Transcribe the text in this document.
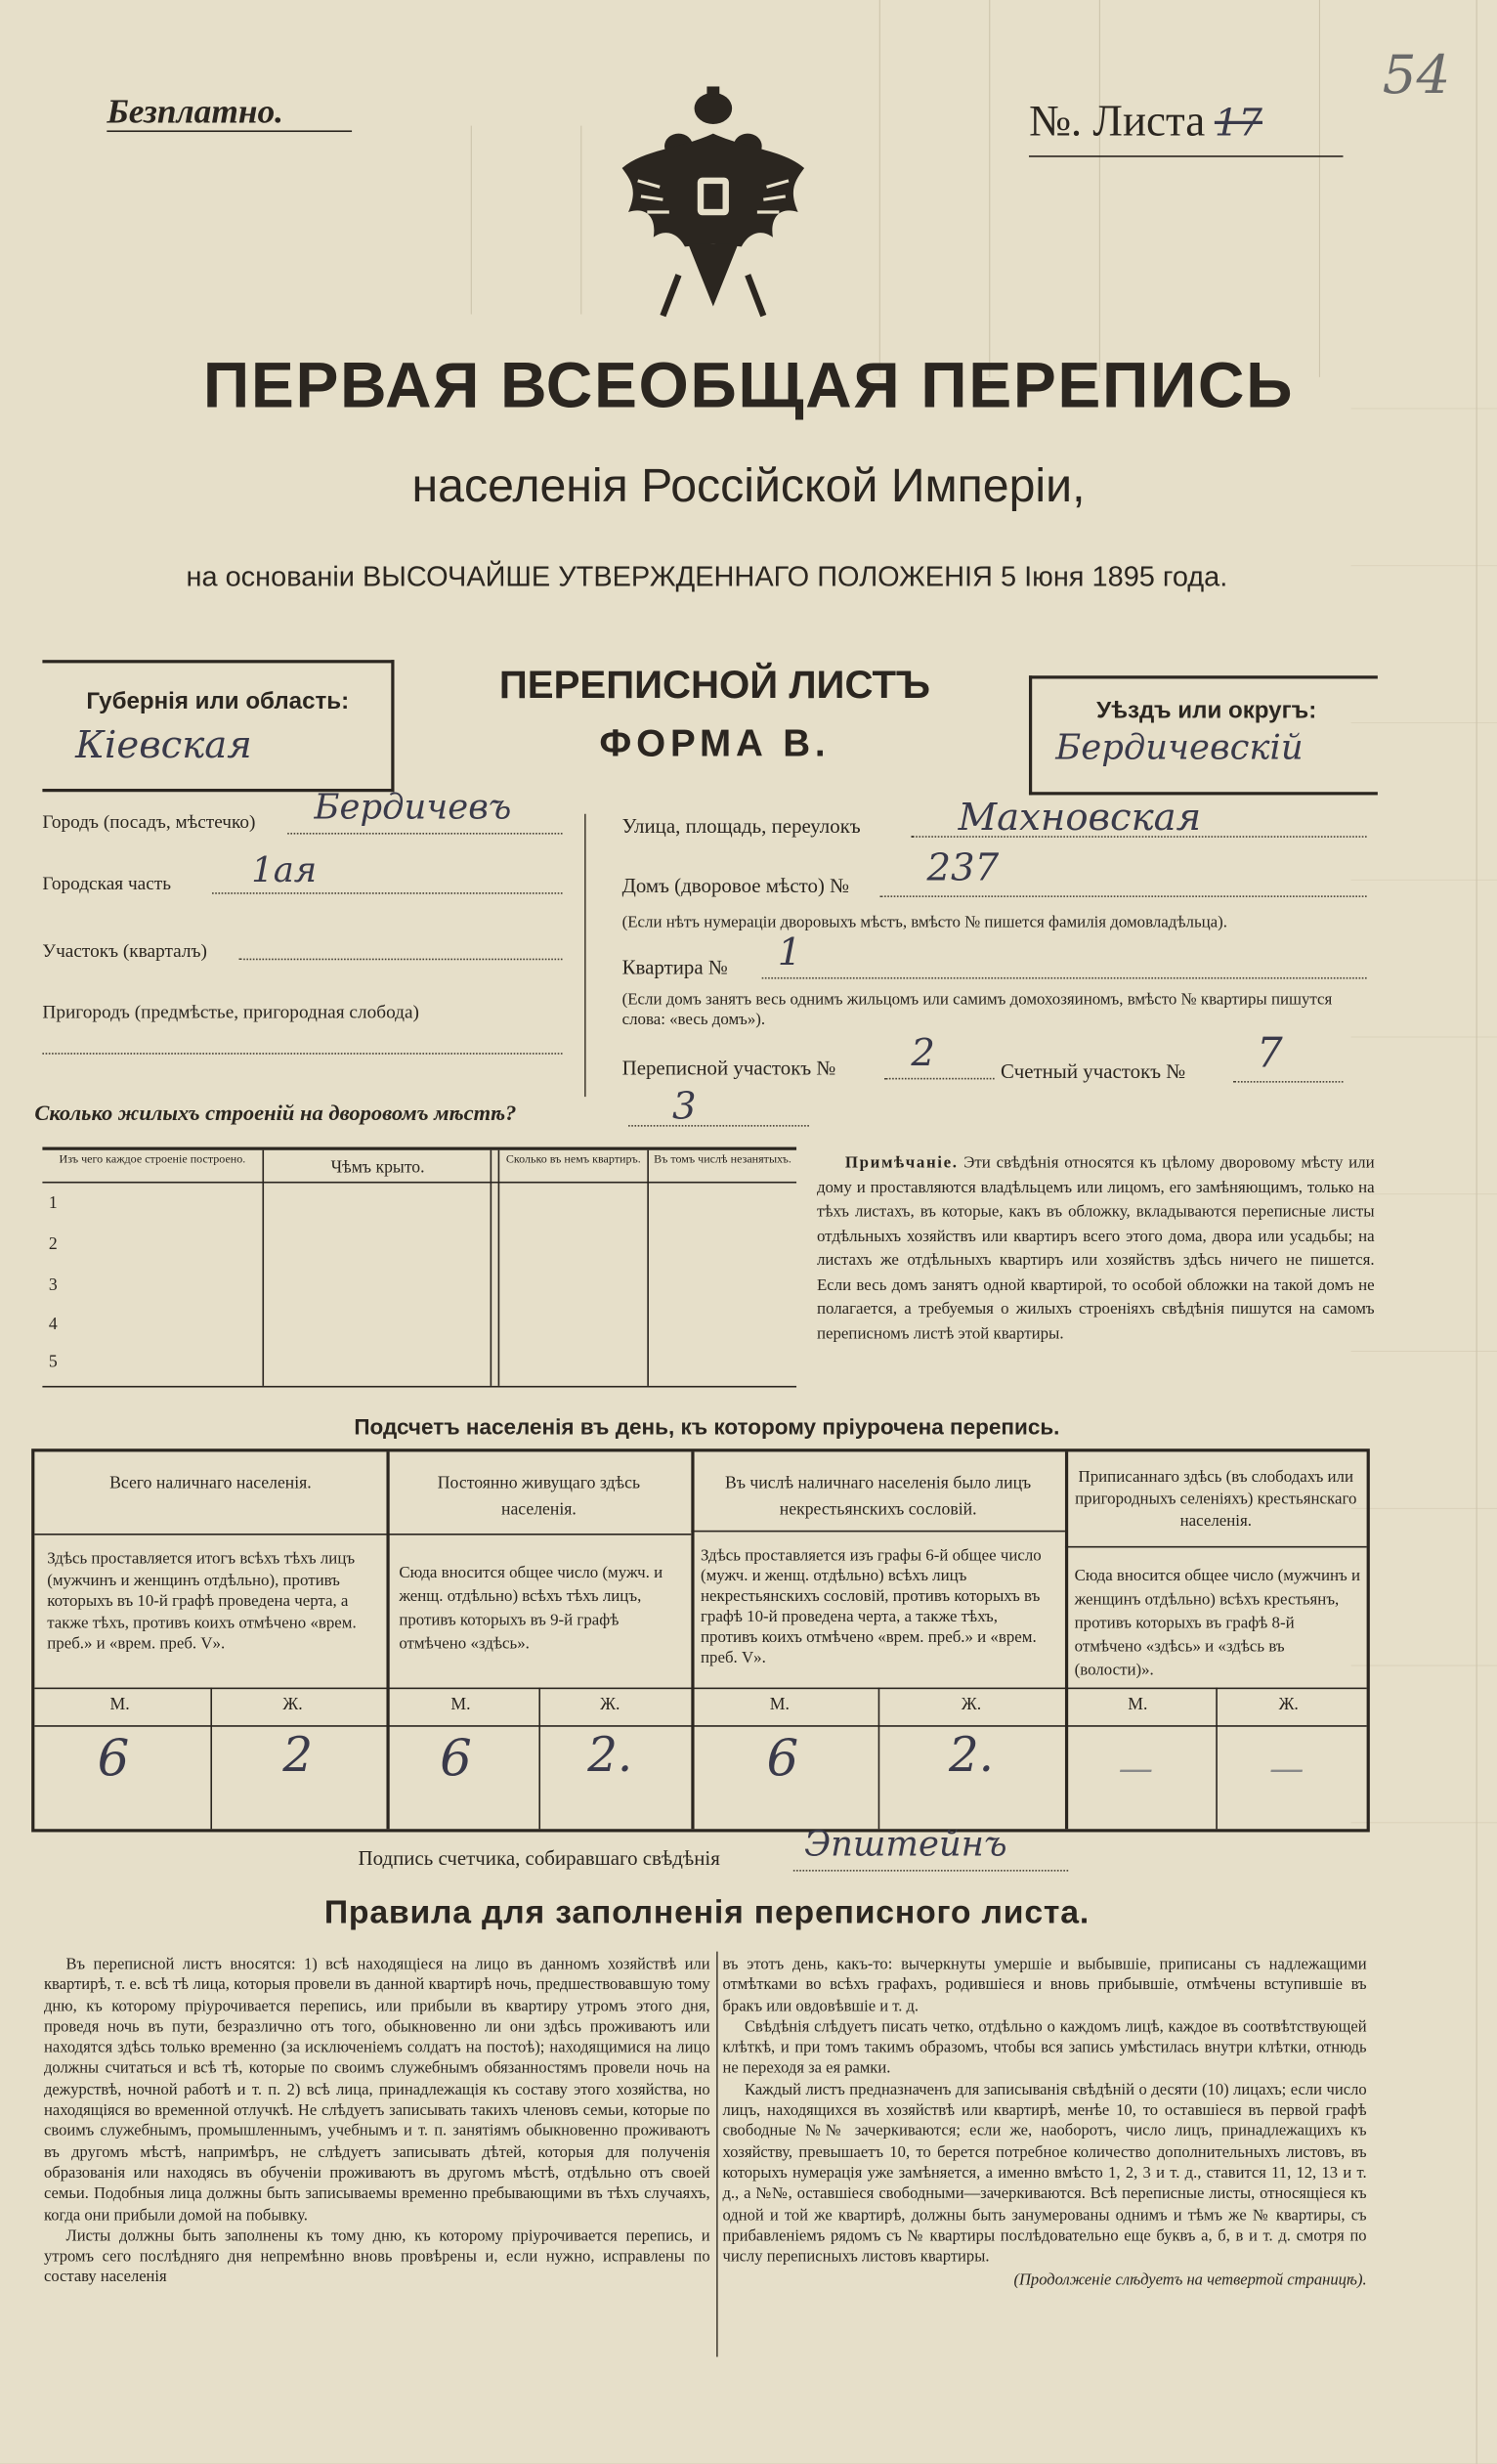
Безплатно.	№. Листа 17
54
ПЕРВАЯ ВСЕОБЩАЯ ПЕРЕПИСЬ
населенія Россійской Имперіи,
на основаніи ВЫСОЧАЙШЕ УТВЕРЖДЕННАГО ПОЛОЖЕНІЯ 5 Іюня 1895 года.
Губернія или область:
Кіевская
ПЕРЕПИСНОЙ ЛИСТЪ
ФОРМА В.
Уѣздъ или округъ:
Бердичевскій
Городъ (посадъ, мѣстечко)	Бердичевъ
Городская часть	1ая
Участокъ (кварталъ)
Пригородъ (предмѣстье, пригородная слобода)
Улица, площадь, переулокъ	Махновская
Домъ (дворовое мѣсто) №	237
(Если нѣтъ нумераціи дворовыхъ мѣстъ, вмѣсто № пишется фамилія домовладѣльца).
Квартира № 1
(Если домъ занятъ весь однимъ жильцомъ или самимъ домохозяиномъ, вмѣсто № квартиры пишутся слова: «весь домъ»).
Переписной участокъ №	2	Счетный участокъ №	7
Сколько жилыхъ строеній на дворовомъ мѣстѣ?	3
Изъ чего каждое строеніе построено.	Чѣмъ крыто.	Сколько въ немъ квартиръ.	Въ томъ числѣ незанятыхъ.
1
2
3
4
5
Примѣчаніе. Эти свѣдѣнія относятся къ цѣлому дворовому мѣсту или дому и проставляются владѣльцемъ или лицомъ, его замѣняющимъ, только на тѣхъ листахъ, въ которые, какъ въ обложку, вкладываются переписные листы отдѣльныхъ хозяйствъ или квартиръ всего этого дома, двора или усадьбы; на листахъ же отдѣльныхъ квартиръ или хозяйствъ здѣсь ничего не пишется. Если весь домъ занятъ одной квартирой, то особой обложки на такой домъ не полагается, а требуемыя о жилыхъ строеніяхъ свѣдѣнія пишутся на самомъ переписномъ листѣ этой квартиры.
Подсчетъ населенія въ день, къ которому пріурочена перепись.
Всего наличнаго населенія.
Здѣсь проставляется итогъ всѣхъ тѣхъ лицъ (мужчинъ и женщинъ отдѣльно), противъ которыхъ въ 10-й графѣ проведена черта, а также тѣхъ, противъ коихъ отмѣчено «врем. преб.» и «врем. преб. V».
М.	Ж.
6	2
Постоянно живущаго здѣсь населенія.
Сюда вносится общее число (мужч. и женщ. отдѣльно) всѣхъ тѣхъ лицъ, противъ которыхъ въ 9-й графѣ отмѣчено «здѣсь».
М.	Ж.
6	2.
Въ числѣ наличнаго населенія было лицъ некрестьянскихъ сословій.
Здѣсь проставляется изъ графы 6-й общее число (мужч. и женщ. отдѣльно) всѣхъ лицъ некрестьянскихъ сословій, противъ которыхъ въ графѣ 10-й проведена черта, а также тѣхъ, противъ коихъ отмѣчено «врем. преб.» и «врем. преб. V».
М.	Ж.
6	2.
Приписаннаго здѣсь (въ слободахъ или пригородныхъ селеніяхъ) крестьянскаго населенія.
Сюда вносится общее число (мужчинъ и женщинъ отдѣльно) всѣхъ крестьянъ, противъ которыхъ въ графѣ 8-й отмѣчено «здѣсь» и «здѣсь въ (волости)».
М.	Ж.
—	—
Подпись счетчика, собиравшаго свѣдѣнія	Эпштейнъ
Правила для заполненія переписного листа.

Въ переписной листъ вносятся: 1) всѣ находящіеся на лицо въ данномъ хозяйствѣ или квартирѣ, т. е. всѣ тѣ лица, которыя провели въ данной квартирѣ ночь, предшествовавшую тому дню, къ которому пріурочивается перепись, или прибыли въ квартиру утромъ этого дня, проведя ночь въ пути, безразлично отъ того, обыкновенно ли они здѣсь проживаютъ или находятся здѣсь только временно (за исключеніемъ солдатъ на постоѣ); находящимися на лицо должны считаться и всѣ тѣ, которые по своимъ служебнымъ обязанностямъ провели ночь на дежурствѣ, ночной работѣ и т. п. 2) всѣ лица, принадлежащія къ составу этого хозяйства, но находящіяся во временной отлучкѣ. Не слѣдуетъ записывать такихъ членовъ семьи, которые по своимъ служебнымъ, промышленнымъ, учебнымъ и т. п. занятіямъ обыкновенно проживаютъ въ другомъ мѣстѣ, напримѣръ, не слѣдуетъ записывать дѣтей, которыя для полученія образованія или находясь въ обученіи проживаютъ въ другомъ мѣстѣ, отдѣльно отъ своей семьи. Подобныя лица должны быть записываемы временно пребывающими въ тѣхъ случаяхъ, когда они прибыли домой на побывку.

Листы должны быть заполнены къ тому дню, къ которому пріурочивается перепись, и утромъ сего послѣдняго дня непремѣнно вновь провѣрены и, если нужно, исправлены по составу населенія

въ этотъ день, какъ-то: вычеркнуты умершіе и выбывшіе, приписаны съ надлежащими отмѣтками во всѣхъ графахъ, родившіеся и вновь прибывшіе, отмѣчены вступившіе въ бракъ или овдовѣвшіе и т. д.

Свѣдѣнія слѣдуетъ писать четко, отдѣльно о каждомъ лицѣ, каждое въ соотвѣтствующей клѣткѣ, и при томъ такимъ образомъ, чтобы вся запись умѣстилась внутри клѣтки, отнюдь не переходя за ея рамки.

Каждый листъ предназначенъ для записыванія свѣдѣній о десяти (10) лицахъ; если число лицъ, находящихся въ хозяйствѣ или квартирѣ, менѣе 10, то оставшіеся въ первой графѣ свободные №№ зачеркиваются; если же, наоборотъ, число лицъ, принадлежащихъ къ хозяйству, превышаетъ 10, то берется потребное количество дополнительныхъ листовъ, въ которыхъ нумерація уже замѣняется, а именно вмѣсто 1, 2, 3 и т. д., ставится 11, 12, 13 и т. д., а №№, оставшіеся свободными—зачеркиваются. Всѣ переписные листы, относящіеся къ одной и той же квартирѣ, должны быть занумерованы однимъ и тѣмъ же № квартиры, съ прибавленіемъ рядомъ съ № квартиры послѣдовательно еще буквъ а, б, в и т. д. смотря по числу переписныхъ листовъ квартиры.

(Продолженіе слѣдуетъ на четвертой страницѣ).
